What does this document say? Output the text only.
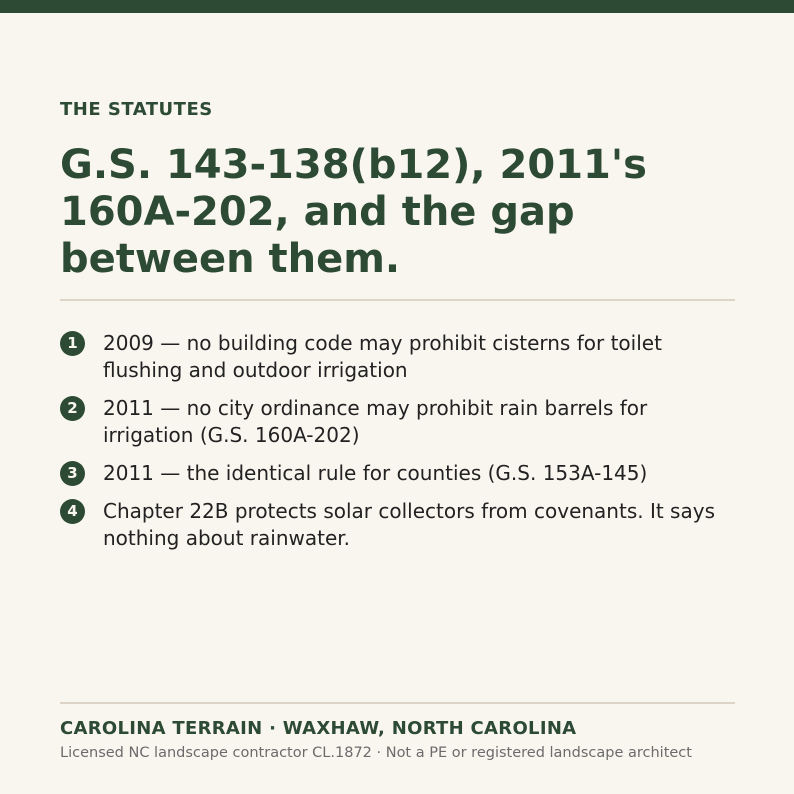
THE STATUTES
G.S. 143-138(b12), 2011's 160A-202, and the gap between them.
1	2009 — no building code may prohibit cisterns for toilet flushing and outdoor irrigation
2	2011 — no city ordinance may prohibit rain barrels for irrigation (G.S. 160A-202)
3	2011 — the identical rule for counties (G.S. 153A-145)
4	Chapter 22B protects solar collectors from covenants. It says nothing about rainwater.
CAROLINA TERRAIN · WAXHAW, NORTH CAROLINA
Licensed NC landscape contractor CL.1872 · Not a PE or registered landscape architect
